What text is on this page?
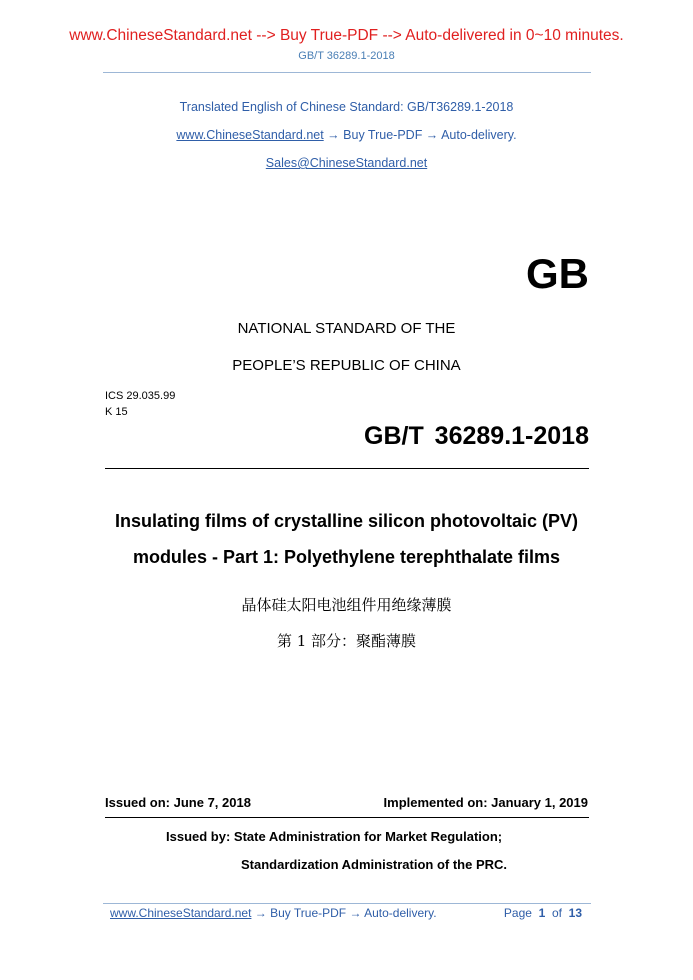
www.ChineseStandard.net --> Buy True-PDF --> Auto-delivered in 0~10 minutes.
GB/T 36289.1-2018
Translated English of Chinese Standard: GB/T36289.1-2018
www.ChineseStandard.net → Buy True-PDF → Auto-delivery.
Sales@ChineseStandard.net
GB
NATIONAL STANDARD OF THE
PEOPLE’S REPUBLIC OF CHINA
ICS 29.035.99
K 15
GB/T 36289.1-2018
Insulating films of crystalline silicon photovoltaic (PV)
modules - Part 1: Polyethylene terephthalate films
晶体硅太阳电池组件用绝缘薄膜
第 1 部分：聚酯薄膜
Issued on: June 7, 2018	Implemented on: January 1, 2019
Issued by: State Administration for Market Regulation;
Standardization Administration of the PRC.
www.ChineseStandard.net → Buy True-PDF → Auto-delivery.	Page 1 of 13
